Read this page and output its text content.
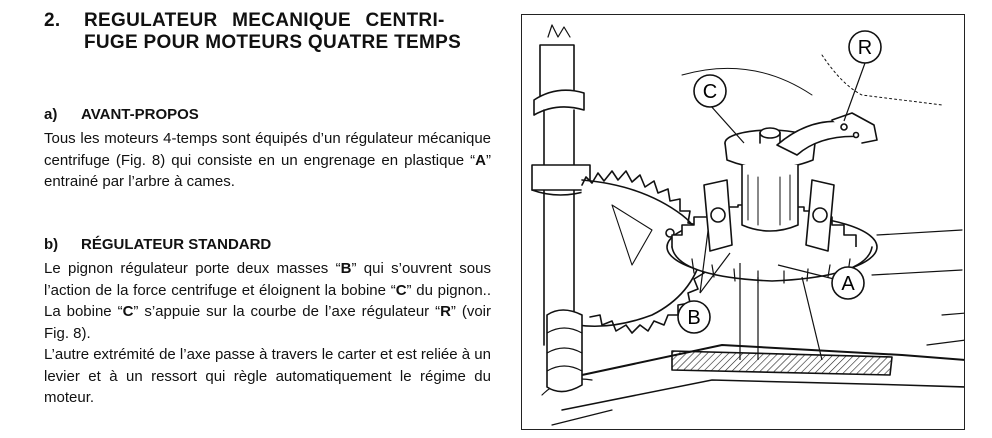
2. REGULATEUR MECANIQUE CENTRI-
FUGE POUR MOTEURS QUATRE TEMPS
a) AVANT-PROPOS
Tous les moteurs 4-temps sont équipés d’un régulateur mécanique centrifuge (Fig. 8) qui consiste en un engrenage en plastique “A” entrainé par l’arbre à cames.
b) RÉGULATEUR STANDARD
Le pignon régulateur porte deux masses “B” qui s’ouvrent sous l’action de la force centrifuge et éloignent la bobine “C” du pignon.. La bobine “C” s’appuie sur la courbe de l’axe régulateur “R” (voir Fig. 8).
L’autre extrémité de l’axe passe à travers le carter et est reliée à un levier et à un ressort qui règle automatiquement le régime du moteur.
R
C
A
B
